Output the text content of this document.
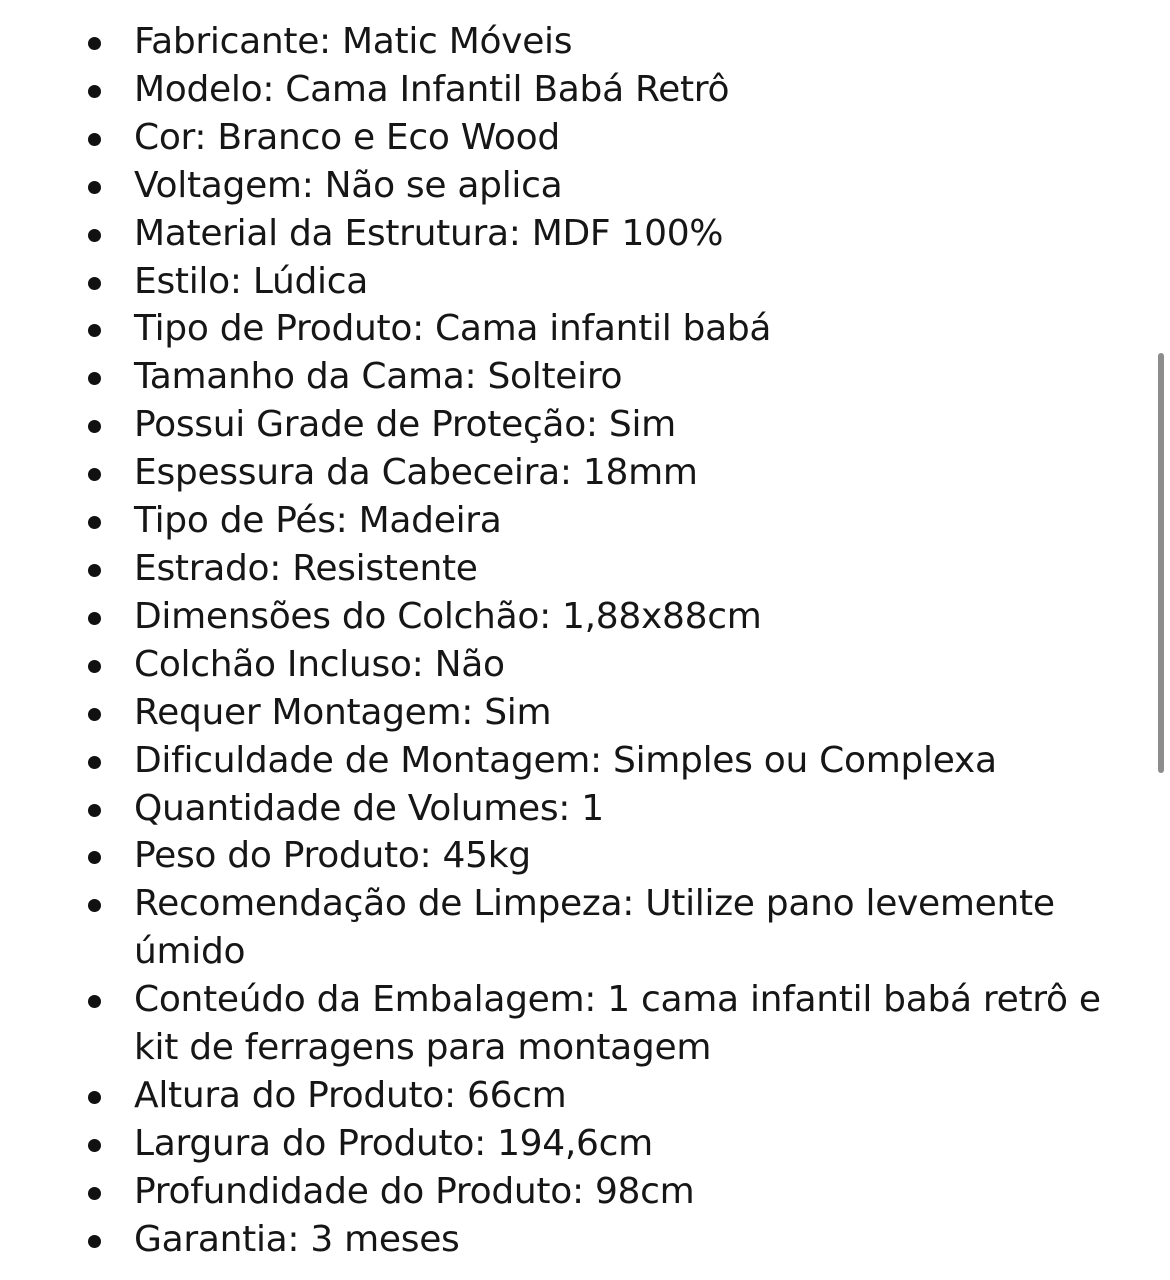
Fabricante: Matic Móveis
Modelo: Cama Infantil Babá Retrô
Cor: Branco e Eco Wood
Voltagem: Não se aplica
Material da Estrutura: MDF 100%
Estilo: Lúdica
Tipo de Produto: Cama infantil babá
Tamanho da Cama: Solteiro
Possui Grade de Proteção: Sim
Espessura da Cabeceira: 18mm
Tipo de Pés: Madeira
Estrado: Resistente
Dimensões do Colchão: 1,88x88cm
Colchão Incluso: Não
Requer Montagem: Sim
Dificuldade de Montagem: Simples ou Complexa
Quantidade de Volumes: 1
Peso do Produto: 45kg
Recomendação de Limpeza: Utilize pano levemente úmido
Conteúdo da Embalagem: 1 cama infantil babá retrô e kit de ferragens para montagem
Altura do Produto: 66cm
Largura do Produto: 194,6cm
Profundidade do Produto: 98cm
Garantia: 3 meses
